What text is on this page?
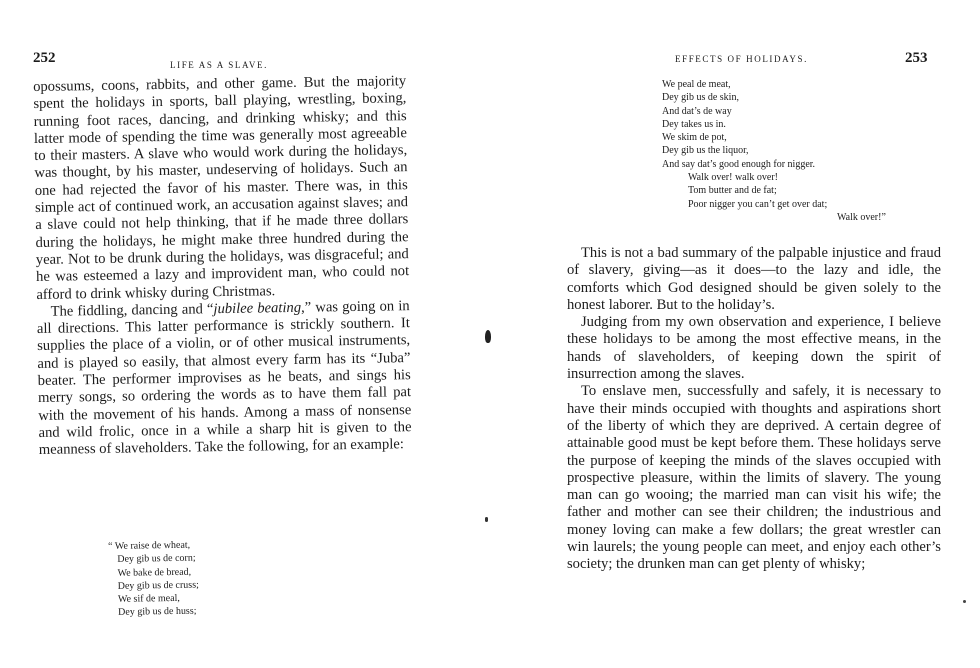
252	LIFE AS A SLAVE.

opossums, coons, rabbits, and other game. But the majority spent the holidays in sports, ball playing, wrestling, boxing, running foot races, dancing, and drinking whisky; and this latter mode of spending the time was generally most agreeable to their masters. A slave who would work during the holidays, was thought, by his master, undeserving of holidays. Such an one had rejected the favor of his master. There was, in this simple act of continued work, an accusation against slaves; and a slave could not help thinking, that if he made three dollars during the holidays, he might make three hundred during the year. Not to be drunk during the holidays, was disgraceful; and he was esteemed a lazy and improvident man, who could not afford to drink whisky during Christmas.

The fiddling, dancing and “jubilee beating,” was going on in all directions. This latter performance is strickly southern. It supplies the place of a violin, or of other musical instruments, and is played so easily, that almost every farm has its “Juba” beater. The performer improvises as he beats, and sings his merry songs, so ordering the words as to have them fall pat with the movement of his hands. Among a mass of nonsense and wild frolic, once in a while a sharp hit is given to the meanness of slaveholders. Take the following, for an example:

“ We raise de wheat,
Dey gib us de corn;
We bake de bread,
Dey gib us de cruss;
We sif de meal,
Dey gib us de huss;
EFFECTS OF HOLIDAYS.	253
We peal de meat,
Dey gib us de skin,
And dat’s de way
Dey takes us in.
We skim de pot,
Dey gib us the liquor,
And say dat’s good enough for nigger.
Walk over! walk over!
Tom butter and de fat;
Poor nigger you can’t get over dat;
Walk over!”

This is not a bad summary of the palpable injustice and fraud of slavery, giving—as it does—to the lazy and idle, the comforts which God designed should be given solely to the honest laborer. But to the holiday’s.

Judging from my own observation and experience, I believe these holidays to be among the most effective means, in the hands of slaveholders, of keeping down the spirit of insurrection among the slaves.

To enslave men, successfully and safely, it is necessary to have their minds occupied with thoughts and aspirations short of the liberty of which they are deprived. A certain degree of attainable good must be kept before them. These holidays serve the purpose of keeping the minds of the slaves occupied with prospective pleasure, within the limits of slavery. The young man can go wooing; the married man can visit his wife; the father and mother can see their children; the industrious and money loving can make a few dollars; the great wrestler can win laurels; the young people can meet, and enjoy each other’s society; the drunken man can get plenty of whisky;
